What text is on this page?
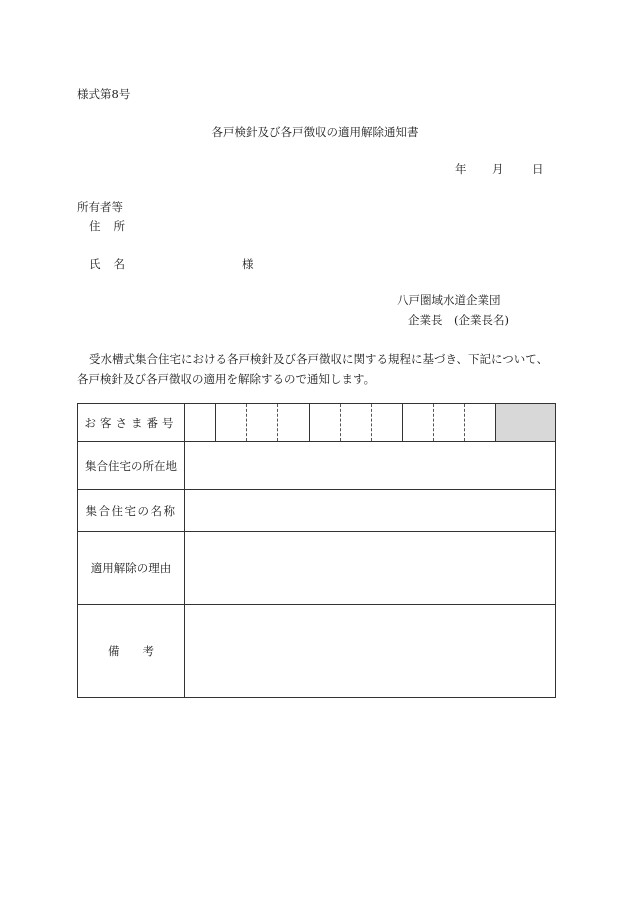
様式第8号
各戸検針及び各戸徴収の適用解除通知書
年 月 日
所有者等
住所
氏名	様
八戸圏域水道企業団
企業長　(企業長名)
受水槽式集合住宅における各戸検針及び各戸徴収に関する規程に基づき、下記について、
各戸検針及び各戸徴収の適用を解除するので通知します。
お客さま番号	

集合住宅の所在地	
集合住宅の名称	
適用解除の理由	
備　　考	
